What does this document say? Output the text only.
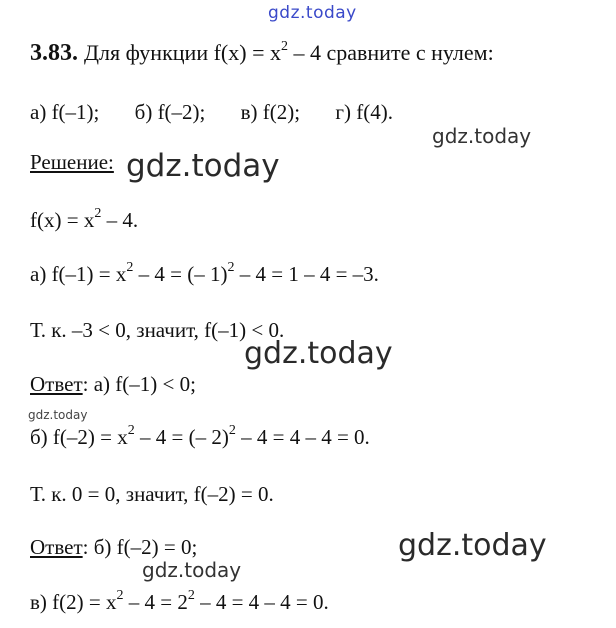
gdz.today
gdz.today
gdz.today
gdz.today
gdz.today
gdz.today
gdz.today
3.83. Для функции $f(x) = x^2 - 4$ сравните с нулем:
а) f(–1); б) f(–2); в) f(2); г) f(4).
Решение:
$f(x) = x^2 - 4$.
а) $f(-1) = x^2 - 4$ = (– 1)$^2$ – 4 = 1 – 4 = –3.
Т. к. –3 < 0, значит, f(–1) < 0.
Ответ: а) f(–1) < 0;
б) $f(-2) = x^2 - 4$ = (– 2)$^2$ – 4 = 4 – 4 = 0.
Т. к. 0 = 0, значит, f(–2) = 0.
Ответ: б) f(–2) = 0;
в) $f(2) = x^2 - 4 = 2^2 - 4 = 4 - 4 = 0$.
